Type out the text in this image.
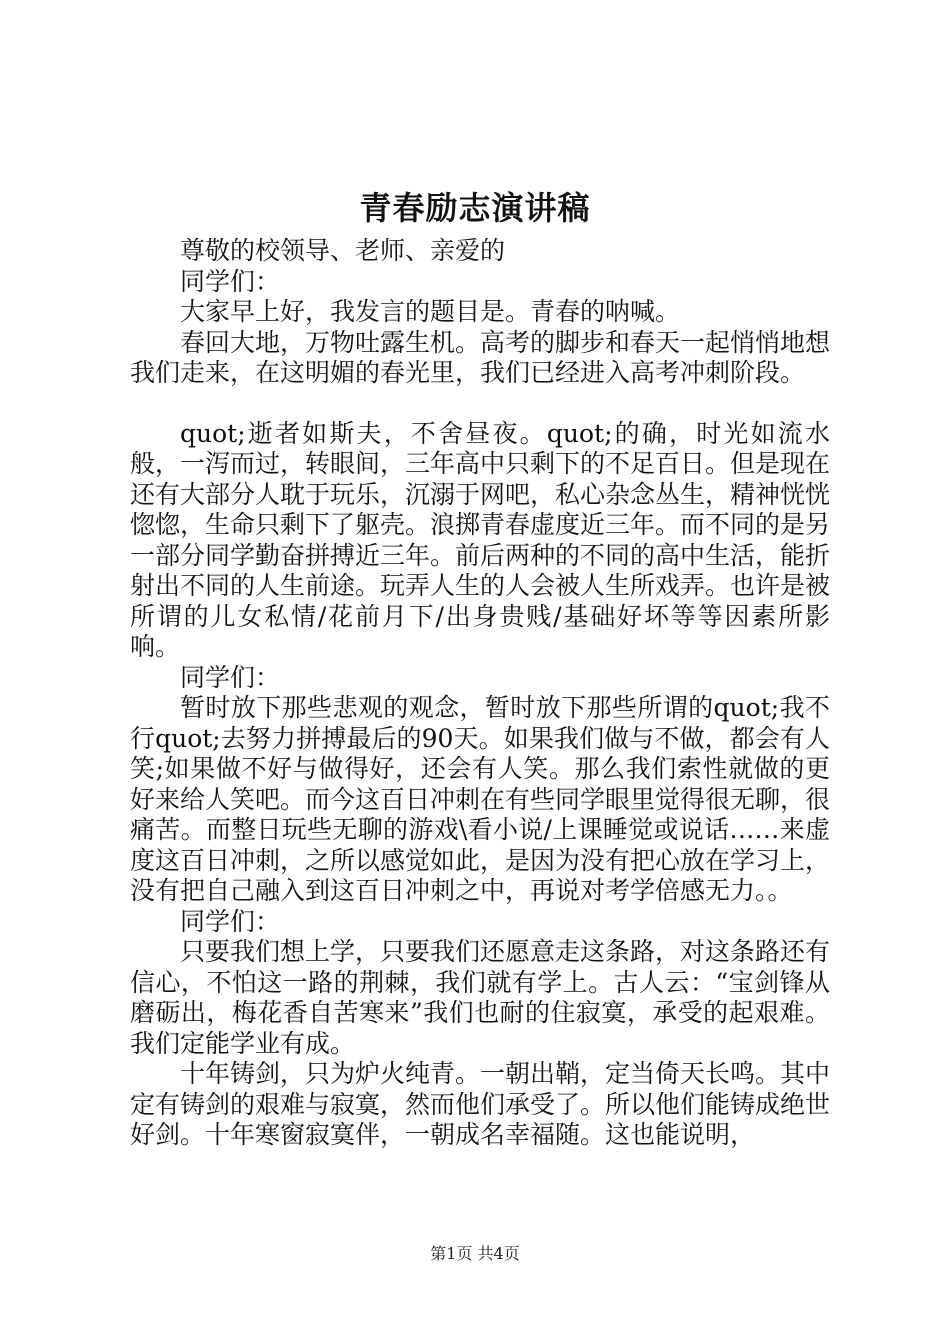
青春励志演讲稿

尊敬的校领导、老师、亲爱的

同学们：

大家早上好，我发言的题目是。青春的呐喊。

春回大地，万物吐露生机。高考的脚步和春天一起悄悄地想我们走来，在这明媚的春光里，我们已经进入高考冲刺阶段。

quot;逝者如斯夫，不舍昼夜。quot;的确，时光如流水般，一泻而过，转眼间，三年高中只剩下的不足百日。但是现在还有大部分人耽于玩乐，沉溺于网吧，私心杂念丛生，精神恍恍惚惚，生命只剩下了躯壳。浪掷青春虚度近三年。而不同的是另一部分同学勤奋拼搏近三年。前后两种的不同的高中生活，能折射出不同的人生前途。玩弄人生的人会被人生所戏弄。也许是被所谓的儿女私情/花前月下/出身贵贱/基础好坏等等因素所影响。

同学们：

暂时放下那些悲观的观念，暂时放下那些所谓的quot;我不行quot;去努力拼搏最后的90天。如果我们做与不做，都会有人笑;如果做不好与做得好，还会有人笑。那么我们索性就做的更好来给人笑吧。而今这百日冲刺在有些同学眼里觉得很无聊，很痛苦。而整日玩些无聊的游戏\看小说/上课睡觉或说话……来虚度这百日冲刺，之所以感觉如此，是因为没有把心放在学习上，没有把自己融入到这百日冲刺之中，再说对考学倍感无力。。

同学们：

只要我们想上学，只要我们还愿意走这条路，对这条路还有信心，不怕这一路的荆棘，我们就有学上。古人云：“宝剑锋从磨砺出，梅花香自苦寒来”我们也耐的住寂寞，承受的起艰难。我们定能学业有成。

十年铸剑，只为炉火纯青。一朝出鞘，定当倚天长鸣。其中定有铸剑的艰难与寂寞，然而他们承受了。所以他们能铸成绝世好剑。十年寒窗寂寞伴，一朝成名幸福随。这也能说明，

第1页 共4页
